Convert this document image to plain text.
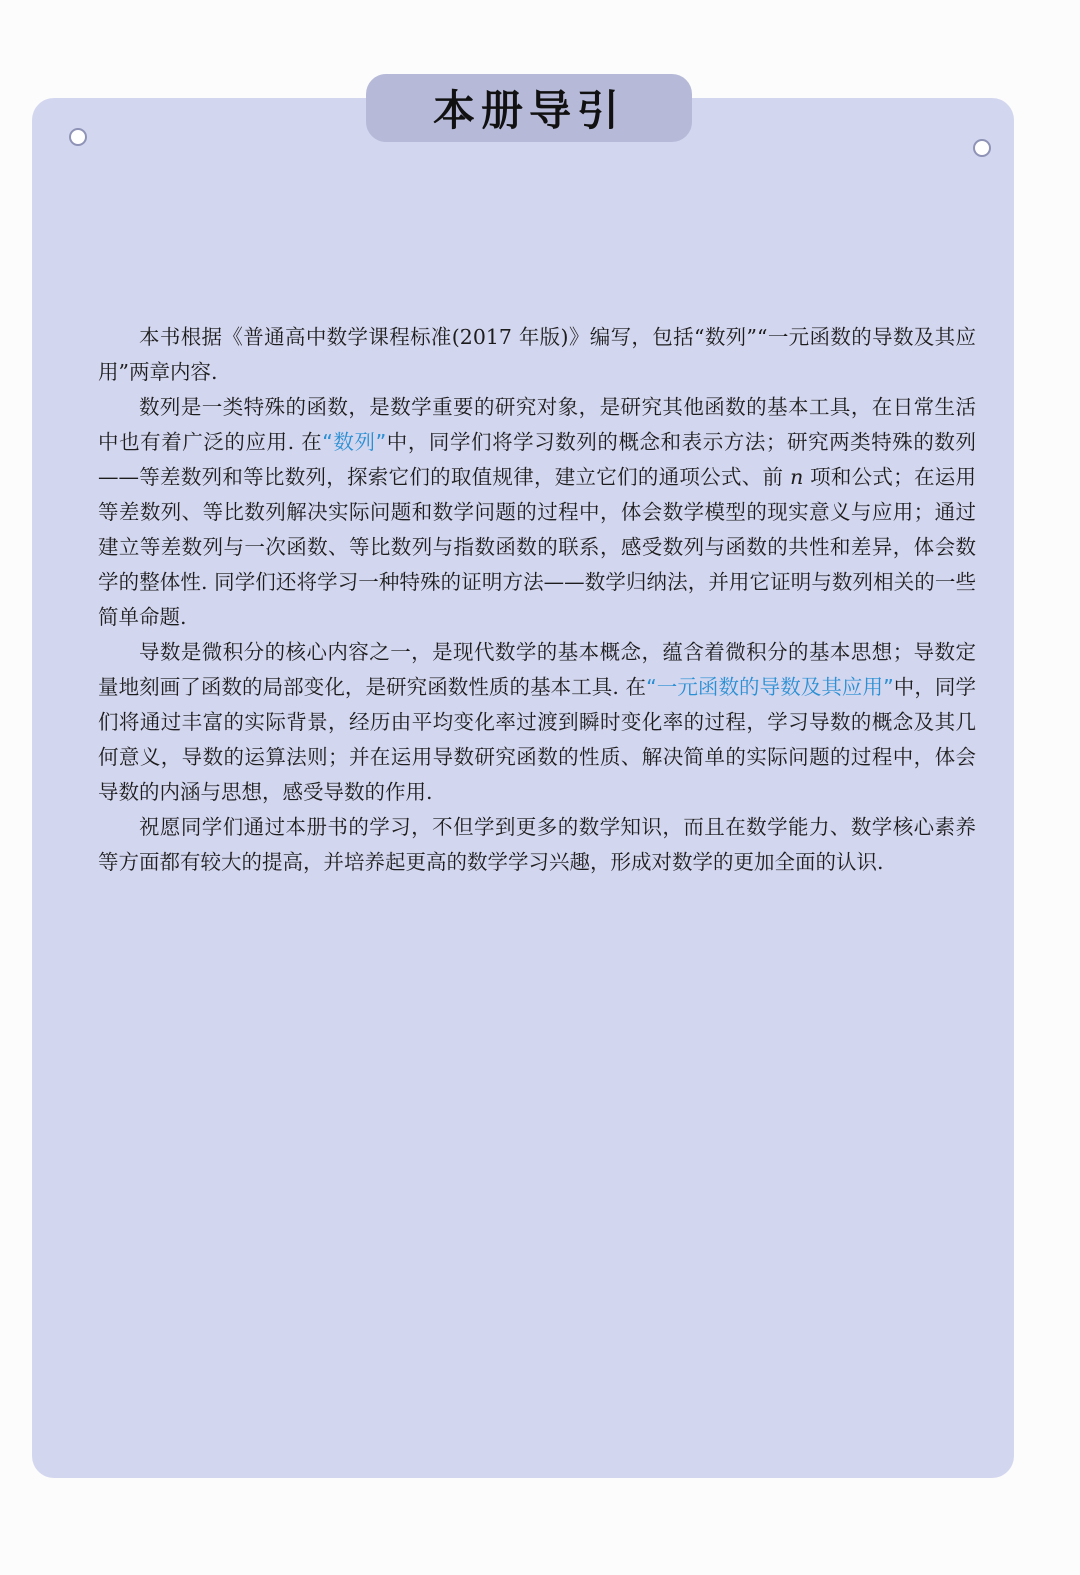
本册导引

本书根据《普通高中数学课程标准(2017 年版)》编写，包括“数列”“一元函数的导数及其应用”两章内容.

数列是一类特殊的函数，是数学重要的研究对象，是研究其他函数的基本工具，在日常生活中也有着广泛的应用. 在“数列”中，同学们将学习数列的概念和表示方法；研究两类特殊的数列——等差数列和等比数列，探索它们的取值规律，建立它们的通项公式、前 n 项和公式；在运用等差数列、等比数列解决实际问题和数学问题的过程中，体会数学模型的现实意义与应用；通过建立等差数列与一次函数、等比数列与指数函数的联系，感受数列与函数的共性和差异，体会数学的整体性. 同学们还将学习一种特殊的证明方法——数学归纳法，并用它证明与数列相关的一些简单命题.

导数是微积分的核心内容之一，是现代数学的基本概念，蕴含着微积分的基本思想；导数定量地刻画了函数的局部变化，是研究函数性质的基本工具. 在“一元函数的导数及其应用”中，同学们将通过丰富的实际背景，经历由平均变化率过渡到瞬时变化率的过程，学习导数的概念及其几何意义，导数的运算法则；并在运用导数研究函数的性质、解决简单的实际问题的过程中，体会导数的内涵与思想，感受导数的作用.

祝愿同学们通过本册书的学习，不但学到更多的数学知识，而且在数学能力、数学核心素养等方面都有较大的提高，并培养起更高的数学学习兴趣，形成对数学的更加全面的认识.
